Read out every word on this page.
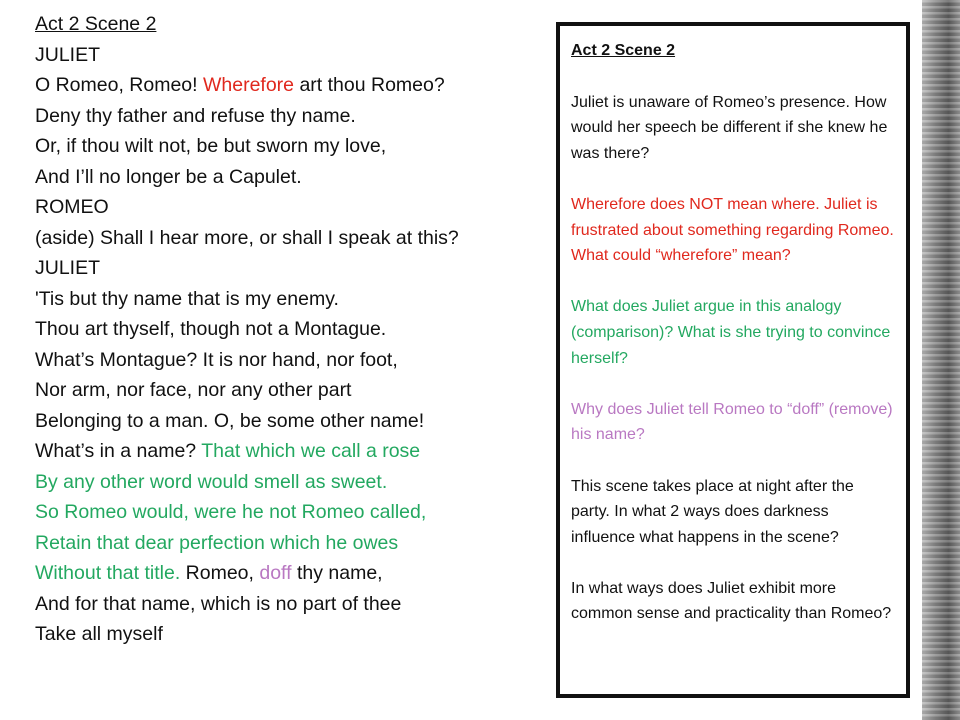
Act 2 Scene 2
JULIET
O Romeo, Romeo! Wherefore art thou Romeo?
Deny thy father and refuse thy name.
Or, if thou wilt not, be but sworn my love,
And I’ll no longer be a Capulet.
ROMEO
(aside) Shall I hear more, or shall I speak at this?
JULIET
'Tis but thy name that is my enemy.
Thou art thyself, though not a Montague.
What’s Montague? It is nor hand, nor foot,
Nor arm, nor face, nor any other part
Belonging to a man. O, be some other name!
What’s in a name? That which we call a rose
By any other word would smell as sweet.
So Romeo would, were he not Romeo called,
Retain that dear perfection which he owes
Without that title. Romeo, doff thy name,
And for that name, which is no part of thee
Take all myself
Act 2 Scene 2
Juliet is unaware of Romeo’s presence. How would her speech be different if she knew he was there?
Wherefore does NOT mean where. Juliet is frustrated about something regarding Romeo. What could “wherefore” mean?
What does Juliet argue in this analogy (comparison)? What is she trying to convince herself?
Why does Juliet tell Romeo to “doff” (remove) his name?
This scene takes place at night after the party. In what 2 ways does darkness influence what happens in the scene?
In what ways does Juliet exhibit more common sense and practicality than Romeo?
